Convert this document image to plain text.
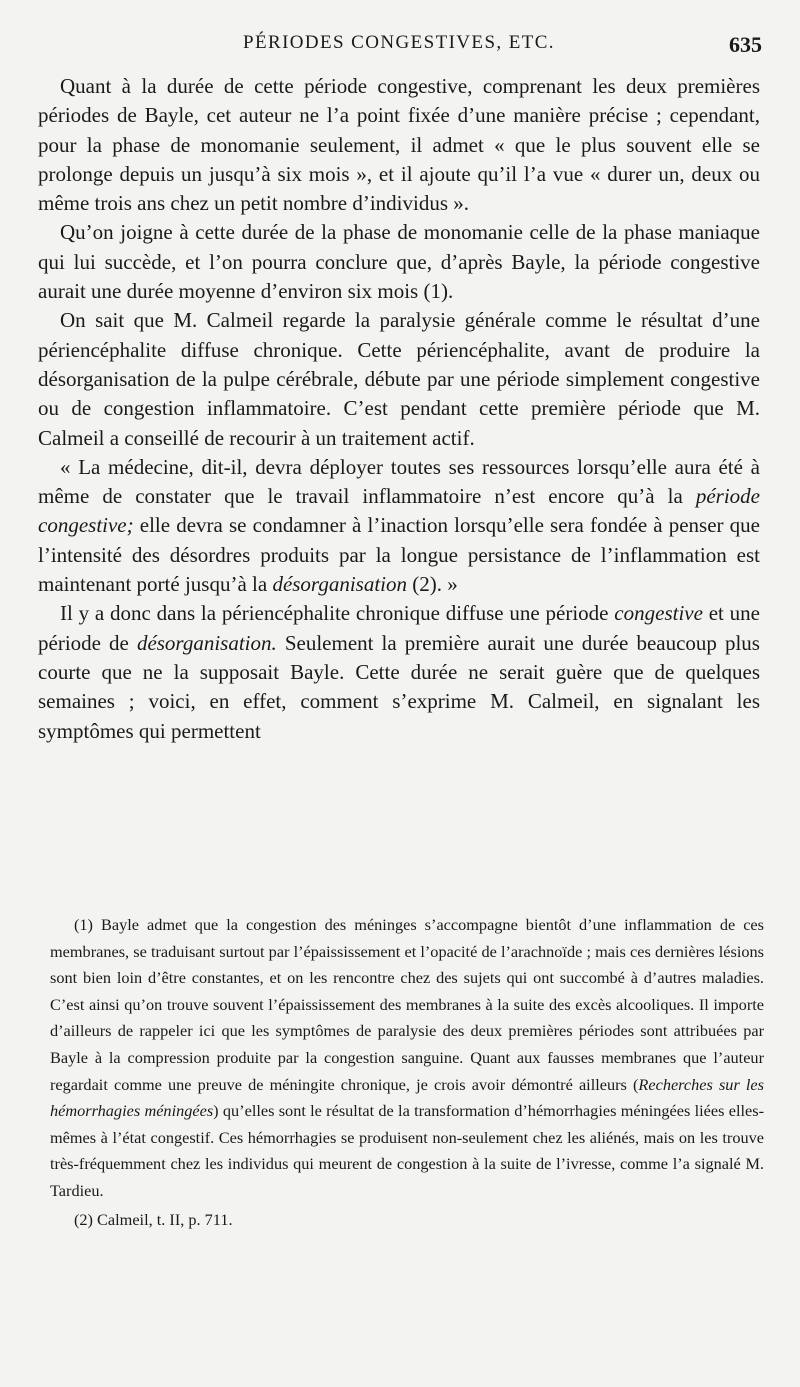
PÉRIODES CONGESTIVES, ETC.	635

Quant à la durée de cette période congestive, comprenant les deux premières périodes de Bayle, cet auteur ne l’a point fixée d’une manière précise ; cependant, pour la phase de monomanie seulement, il admet « que le plus souvent elle se prolonge depuis un jusqu’à six mois », et il ajoute qu’il l’a vue « durer un, deux ou même trois ans chez un petit nombre d’individus ».

Qu’on joigne à cette durée de la phase de monomanie celle de la phase maniaque qui lui succède, et l’on pourra conclure que, d’après Bayle, la période congestive aurait une durée moyenne d’environ six mois (1).

On sait que M. Calmeil regarde la paralysie générale comme le résultat d’une périencéphalite diffuse chronique. Cette périencéphalite, avant de produire la désorganisation de la pulpe cérébrale, débute par une période simplement congestive ou de congestion inflammatoire. C’est pendant cette première période que M. Calmeil a conseillé de recourir à un traitement actif.

« La médecine, dit-il, devra déployer toutes ses ressources lorsqu’elle aura été à même de constater que le travail inflammatoire n’est encore qu’à la période congestive; elle devra se condamner à l’inaction lorsqu’elle sera fondée à penser que l’intensité des désordres produits par la longue persistance de l’inflammation est maintenant porté jusqu’à la désorganisation (2). »

Il y a donc dans la périencéphalite chronique diffuse une période congestive et une période de désorganisation. Seulement la première aurait une durée beaucoup plus courte que ne la supposait Bayle. Cette durée ne serait guère que de quelques semaines ; voici, en effet, comment s’exprime M. Calmeil, en signalant les symptômes qui permettent

(1) Bayle admet que la congestion des méninges s’accompagne bientôt d’une inflammation de ces membranes, se traduisant surtout par l’épaississement et l’opacité de l’arachnoïde ; mais ces dernières lésions sont bien loin d’être constantes, et on les rencontre chez des sujets qui ont succombé à d’autres maladies. C’est ainsi qu’on trouve souvent l’épaississement des membranes à la suite des excès alcooliques. Il importe d’ailleurs de rappeler ici que les symptômes de paralysie des deux premières périodes sont attribuées par Bayle à la compression produite par la congestion sanguine. Quant aux fausses membranes que l’auteur regardait comme une preuve de méningite chronique, je crois avoir démontré ailleurs (Recherches sur les hémorrhagies méningées) qu’elles sont le résultat de la transformation d’hémorrhagies méningées liées elles-mêmes à l’état congestif. Ces hémorrhagies se produisent non-seulement chez les aliénés, mais on les trouve très-fréquemment chez les individus qui meurent de congestion à la suite de l’ivresse, comme l’a signalé M. Tardieu.

(2) Calmeil, t. II, p. 711.
